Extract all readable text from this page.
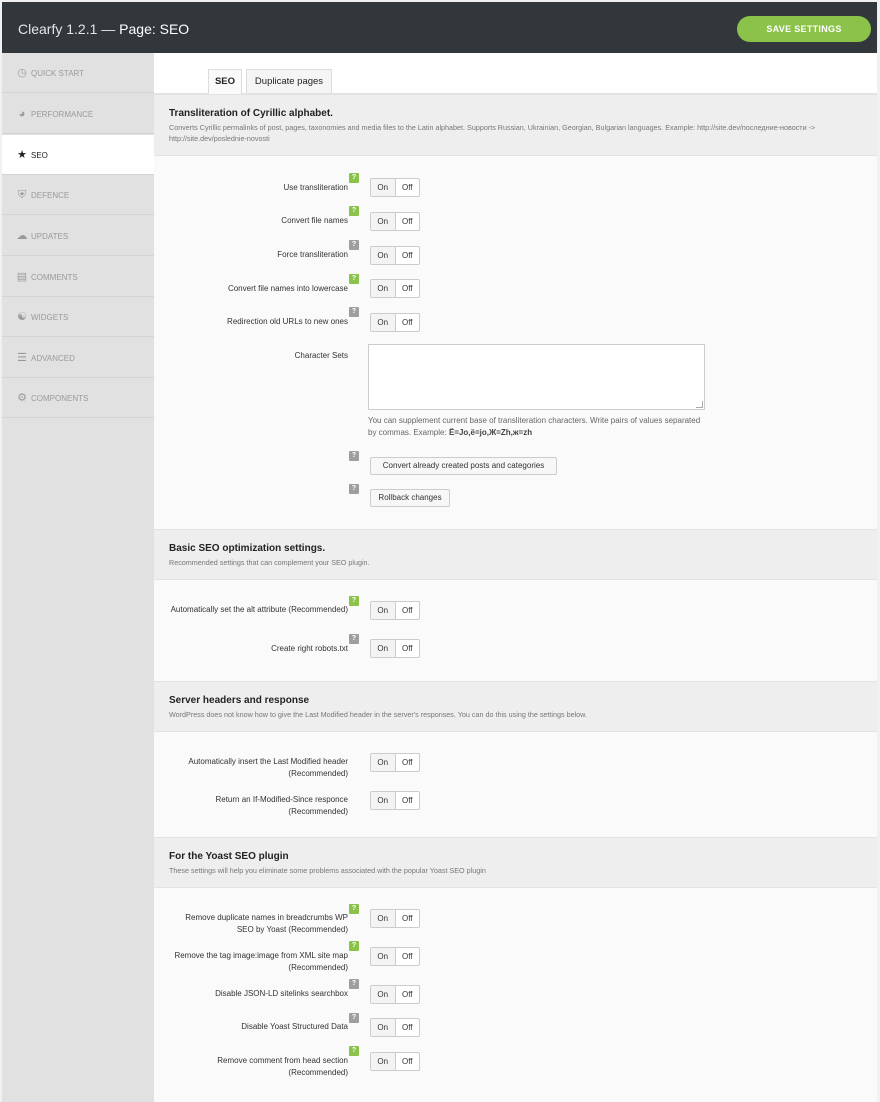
Clearfy 1.2.1 — Page: SEO	SAVE SETTINGS
◷ QUICK START
◕ PERFORMANCE
★ SEO
⛨ DEFENCE
☁ UPDATES
▤ COMMENTS
☯ WIDGETS
☰ ADVANCED
⚙ COMPONENTS
SEO	Duplicate pages
Transliteration of Cyrillic alphabet.
Converts Cyrillic permalinks of post, pages, taxonomies and media files to the Latin alphabet. Supports Russian, Ukrainian, Georgian, Bulgarian languages. Example: http://site.dev/последние-новости -> http://site.dev/poslednie-novosti
Use transliteration
?
On	Off
Convert file names
?
On	Off
Force transliteration
?
On	Off
Convert file names into lowercase
?
On	Off
Redirection old URLs to new ones
?
On	Off
Character Sets
You can supplement current base of transliteration characters. Write pairs of values separated by commas. Example: Ё=Jo,ё=jo,Ж=Zh,ж=zh
?
Convert already created posts and categories
?
Rollback changes
Basic SEO optimization settings.
Recommended settings that can complement your SEO plugin.
Automatically set the alt attribute (Recommended)
?
On	Off
Create right robots.txt
?
On	Off
Server headers and response
WordPress does not know how to give the Last Modified header in the server's responses. You can do this using the settings below.
Automatically insert the Last Modified header (Recommended)
On	Off
Return an If-Modified-Since responce (Recommended)
On	Off
For the Yoast SEO plugin
These settings will help you eliminate some problems associated with the popular Yoast SEO plugin
Remove duplicate names in breadcrumbs WP SEO by Yoast (Recommended)
?
On	Off
Remove the tag image:image from XML site map (Recommended)
?
On	Off
Disable JSON-LD sitelinks searchbox
?
On	Off
Disable Yoast Structured Data
?
On	Off
Remove comment from head section (Recommended)
?
On	Off
